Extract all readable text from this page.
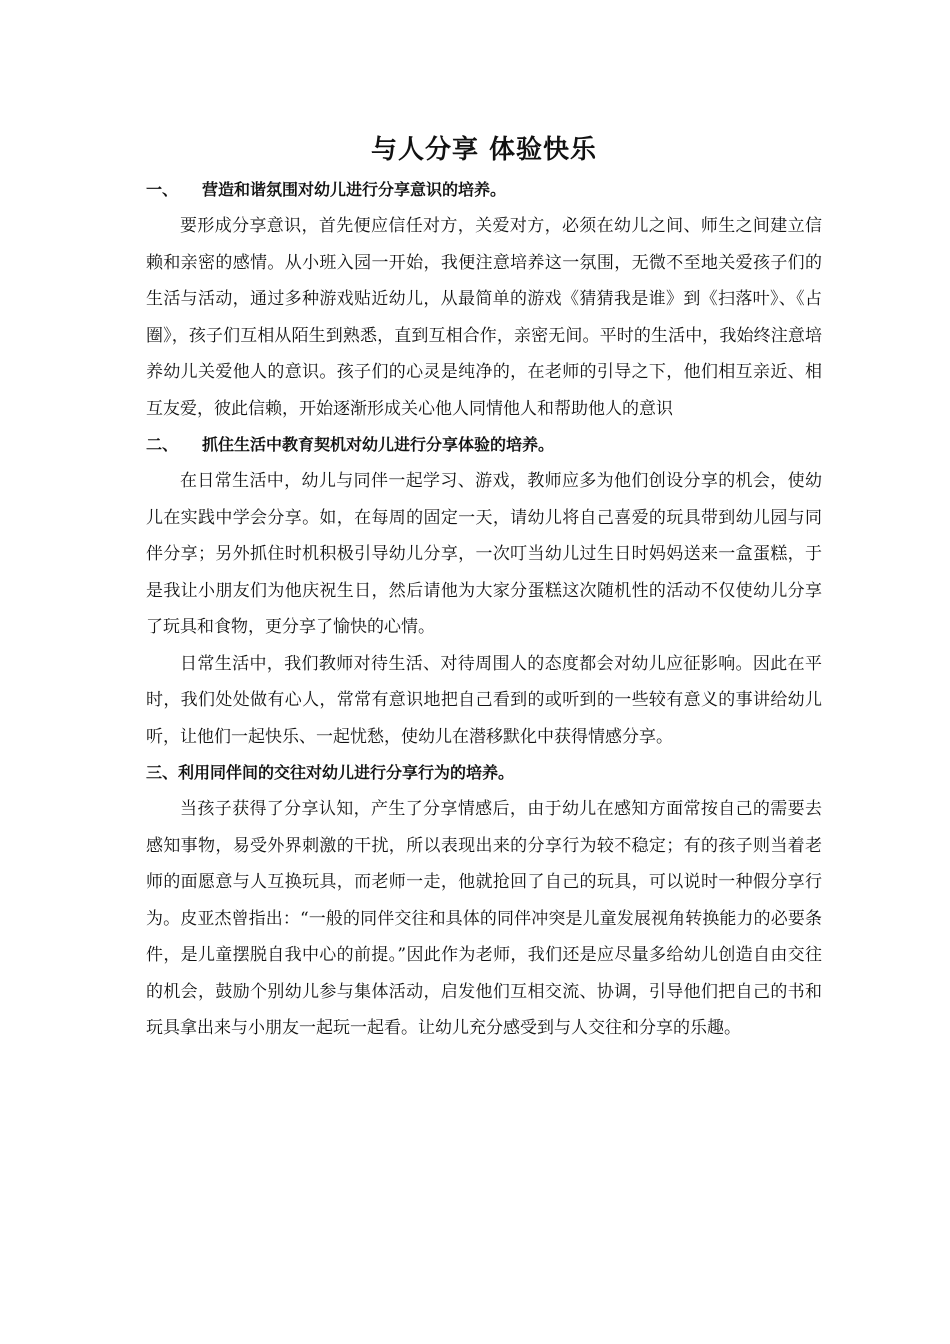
与人分享 体验快乐

一、 营造和谐氛围对幼儿进行分享意识的培养。

要形成分享意识，首先便应信任对方，关爱对方，必须在幼儿之间、师生之间建立信赖和亲密的感情。从小班入园一开始，我便注意培养这一氛围，无微不至地关爱孩子们的生活与活动，通过多种游戏贴近幼儿，从最简单的游戏《猜猜我是谁》到《扫落叶》、《占圈》，孩子们互相从陌生到熟悉，直到互相合作，亲密无间。平时的生活中，我始终注意培养幼儿关爱他人的意识。孩子们的心灵是纯净的，在老师的引导之下，他们相互亲近、相互友爱，彼此信赖，开始逐渐形成关心他人同情他人和帮助他人的意识

二、 抓住生活中教育契机对幼儿进行分享体验的培养。

在日常生活中，幼儿与同伴一起学习、游戏，教师应多为他们创设分享的机会，使幼儿在实践中学会分享。如，在每周的固定一天，请幼儿将自己喜爱的玩具带到幼儿园与同伴分享；另外抓住时机积极引导幼儿分享，一次叮当幼儿过生日时妈妈送来一盒蛋糕，于是我让小朋友们为他庆祝生日，然后请他为大家分蛋糕这次随机性的活动不仅使幼儿分享了玩具和食物，更分享了愉快的心情。

日常生活中，我们教师对待生活、对待周围人的态度都会对幼儿应征影响。因此在平时，我们处处做有心人，常常有意识地把自己看到的或听到的一些较有意义的事讲给幼儿听，让他们一起快乐、一起忧愁，使幼儿在潜移默化中获得情感分享。

三、利用同伴间的交往对幼儿进行分享行为的培养。

当孩子获得了分享认知，产生了分享情感后，由于幼儿在感知方面常按自己的需要去感知事物，易受外界刺激的干扰，所以表现出来的分享行为较不稳定；有的孩子则当着老师的面愿意与人互换玩具，而老师一走，他就抢回了自己的玩具，可以说时一种假分享行为。皮亚杰曾指出：“一般的同伴交往和具体的同伴冲突是儿童发展视角转换能力的必要条件，是儿童摆脱自我中心的前提。”因此作为老师，我们还是应尽量多给幼儿创造自由交往的机会，鼓励个别幼儿参与集体活动，启发他们互相交流、协调，引导他们把自己的书和玩具拿出来与小朋友一起玩一起看。让幼儿充分感受到与人交往和分享的乐趣。
